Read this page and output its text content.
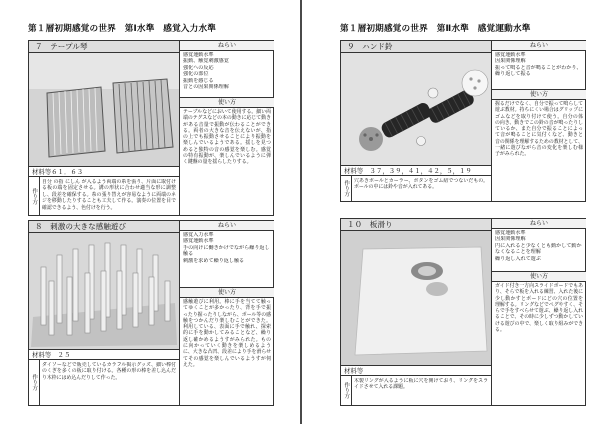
第１層初期感覚の世界　第Ⅰ水準　感覚入力水準
７　テープル琴	ねらい
感覚運動水準
振動、触覚刺激感覚
強化への反応
強化の部位
振動を感じる
音との因果関係理解
使い方
テーブルなどにおいて使用する。細い両端のテグスなどの本の動きに応じて動きがある音量で振動が伝わることができる。両者の大きな音を伝えないが、指の上でも振動させることにより振動を楽しんでいるようである。揺しを見つめると独特の音の感覚を楽しむ。感覚の特有振動が、楽しんでいるように弾く鍵盤の量を揺らしたりする。
材料等６１．６３
作り方
自分 の指 にしん が入るよう両端の糸を張り、片面に取付ける板の端を固定させる。溝の形状に合わせ適当な形に調整し、段差を確保する。糸の張り替えが容易なように両端のネジを移動したりすることも工夫して作る。演奏の位置を目で確認できるよう、色付けを行う。
８　刺激の大きな感触遊び	ねらい
感覚入力水準
感覚運動水準
手の向けに働きかけでながら繰り返し触る
刺激を求めて繰り返し触る
使い方
感触遊びに利用。棒に手を当てて触ってゆくことが多かったり、背を手で振ったり握ったりしながら、ボール等の感触をつかんだり楽しむことができた。利用している、表面に手で触れ、探索的に手を動かしてみることなど、繰り返し確かめるようすがみられた。ものに向かっていく動きを楽しめるように、大きな凸凹、段差により手を滑らせてその感覚を楽しんでいるようすが伺えた。
材料等　２５
作り方
ダイソーなどで販売しているカラフル掲示グッズ、細い棒付のくぎを多くの板に取り付ける。各種の形の棒を差し込んだり木枠にはめ込んだりして作った。
第１層初期感覚の世界　第Ⅱ水準　感覚運動水準
９　ハンド鈴	ねらい
感覚運動水準
因果関係理解
振って鳴ると音が鳴ることがわかり、繰り返して振る
使い方
握るだけでなく、自分で振って鳴らして遊ぶ教材。持ちにくい場合はグリップにゴムなどを取り付けて使う。自分の体の向き、動きでこの鈴の音が鳴ったりしているか、また自分で振ることによって音が鳴ることに気付くなど、動きと音の関係を理解するための教材として、一緒に遊びながら音の変化を楽しむ様子がみられた。
材料等　３７，３９，４１，４２，５，１９
作り方 穴あきボールとカーラー、ボタンをゴム紐でつないだもの。ボールの中には鈴や音が入れてある。
１０　板滑り	ねらい
感覚運動水準
因果関係理解
円に入れると少なくとも動かして動かなくなることを理解
繰り返し入れて遊ぶ
使い方
ガイド付き一方向スライドボードでもあり、そらで板を入れる練習、入れた後に少し動かすとボードにどの穴の位置を理解する。リングなどでペグやすく、そらで手をすべらせて遊ぶ、繰り返し入れることで、その時に少しずつ動かしていける遊びの中で、楽しく取り組みができる。
材料等
作り方
木製リングが入るように板に穴を開けており、リングをスライドさせて入れる課題。
